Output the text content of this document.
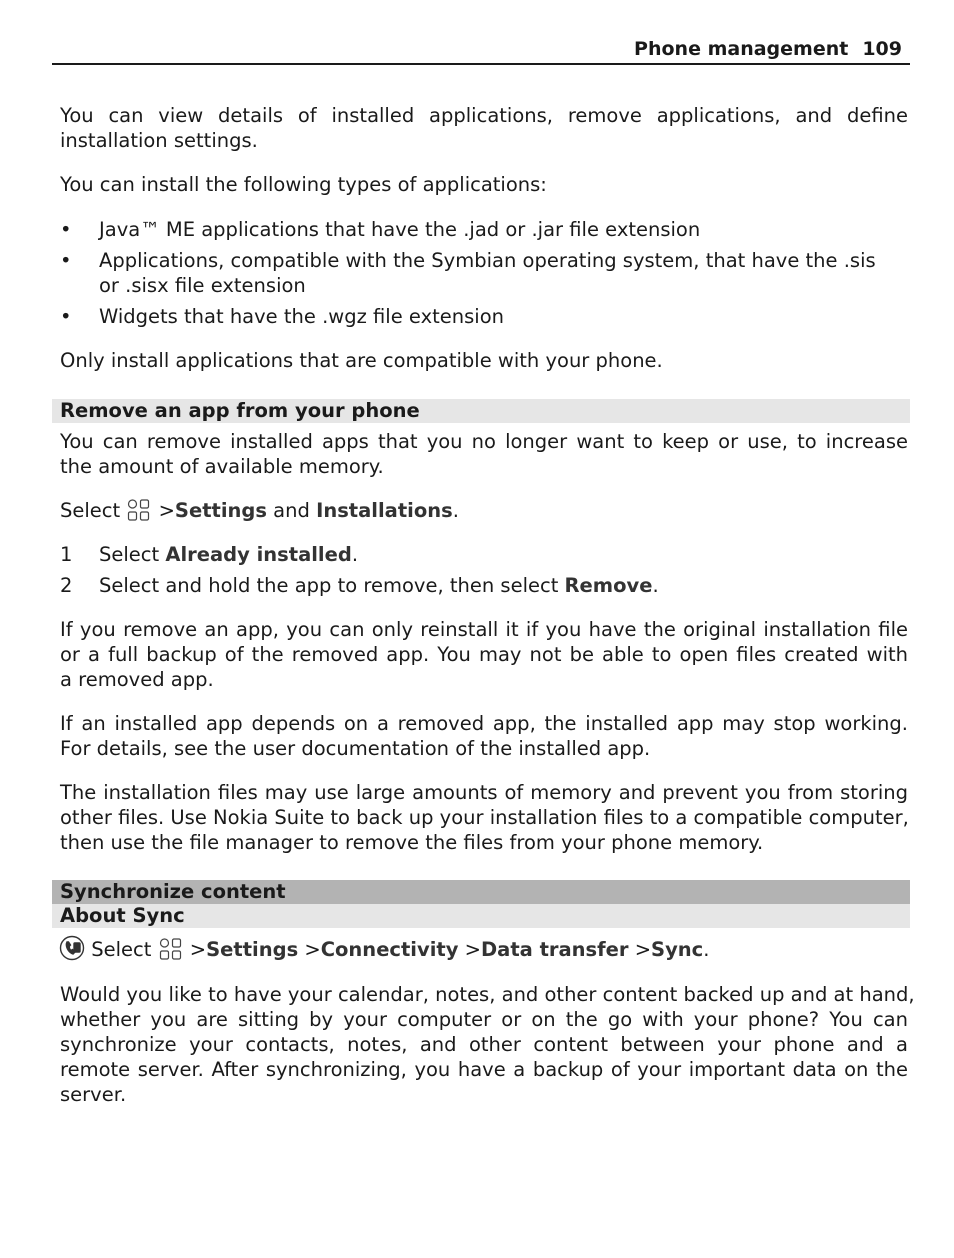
Phone management 109
You can view details of installed applications, remove applications, and define
installation settings.
You can install the following types of applications:
• Java™ ME applications that have the .jad or .jar file extension
• Applications, compatible with the Symbian operating system, that have the .sis
or .sisx file extension
• Widgets that have the .wgz file extension
Only install applications that are compatible with your phone.
Remove an app from your phone
You can remove installed apps that you no longer want to keep or use, to increase
the amount of available memory.
Select >Settings and Installations.
1 Select Already installed.
2 Select and hold the app to remove, then select Remove.
If you remove an app, you can only reinstall it if you have the original installation file
or a full backup of the removed app. You may not be able to open files created with
a removed app.
If an installed app depends on a removed app, the installed app may stop working.
For details, see the user documentation of the installed app.
The installation files may use large amounts of memory and prevent you from storing
other files. Use Nokia Suite to back up your installation files to a compatible computer,
then use the file manager to remove the files from your phone memory.
Synchronize content
About Sync
Select >Settings >Connectivity >Data transfer >Sync.
Would you like to have your calendar, notes, and other content backed up and at hand,
whether you are sitting by your computer or on the go with your phone? You can
synchronize your contacts, notes, and other content between your phone and a
remote server. After synchronizing, you have a backup of your important data on the
server.
